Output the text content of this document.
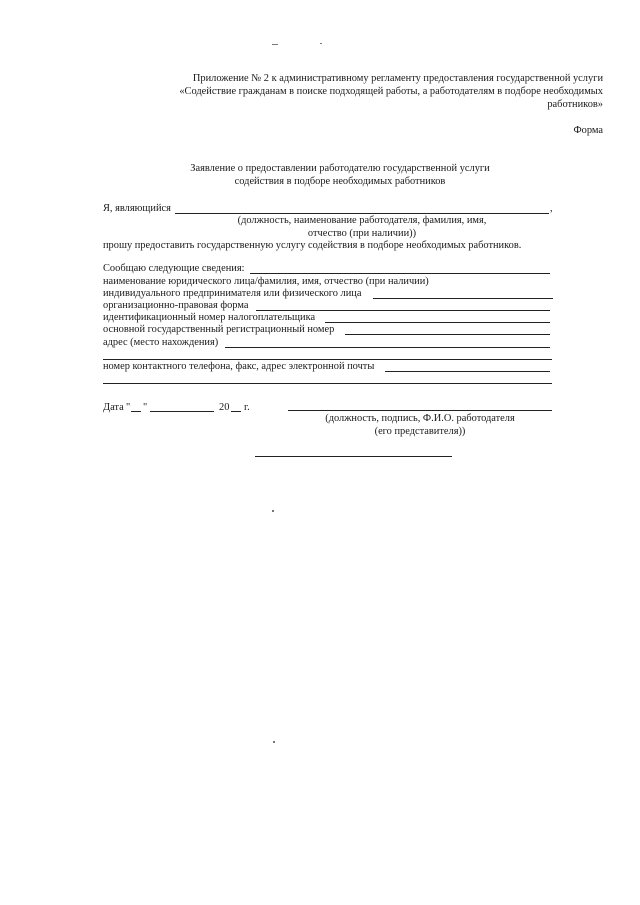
Приложение № 2 к административному регламенту предоставления государственной услуги
«Содействие гражданам в поиске подходящей работы, а работодателям в подборе необходимых
работников»
Форма
Заявление о предоставлении работодателю государственной услуги
содействия в подборе необходимых работников
Я, являющийся	,
(должность, наименование работодателя, фамилия, имя,
отчество (при наличии))
прошу предоставить государственную услугу содействия в подборе необходимых работников.
Сообщаю следующие сведения:
наименование юридического лица/фамилия, имя, отчество (при наличии)
индивидуального предпринимателя или физического лица
организационно-правовая форма
идентификационный номер налогоплательщика
основной государственный регистрационный номер
адрес (место нахождения)
номер контактного телефона, факс, адрес электронной почты
Дата " "	20 г.
(должность, подпись, Ф.И.О. работодателя
(его представителя))
